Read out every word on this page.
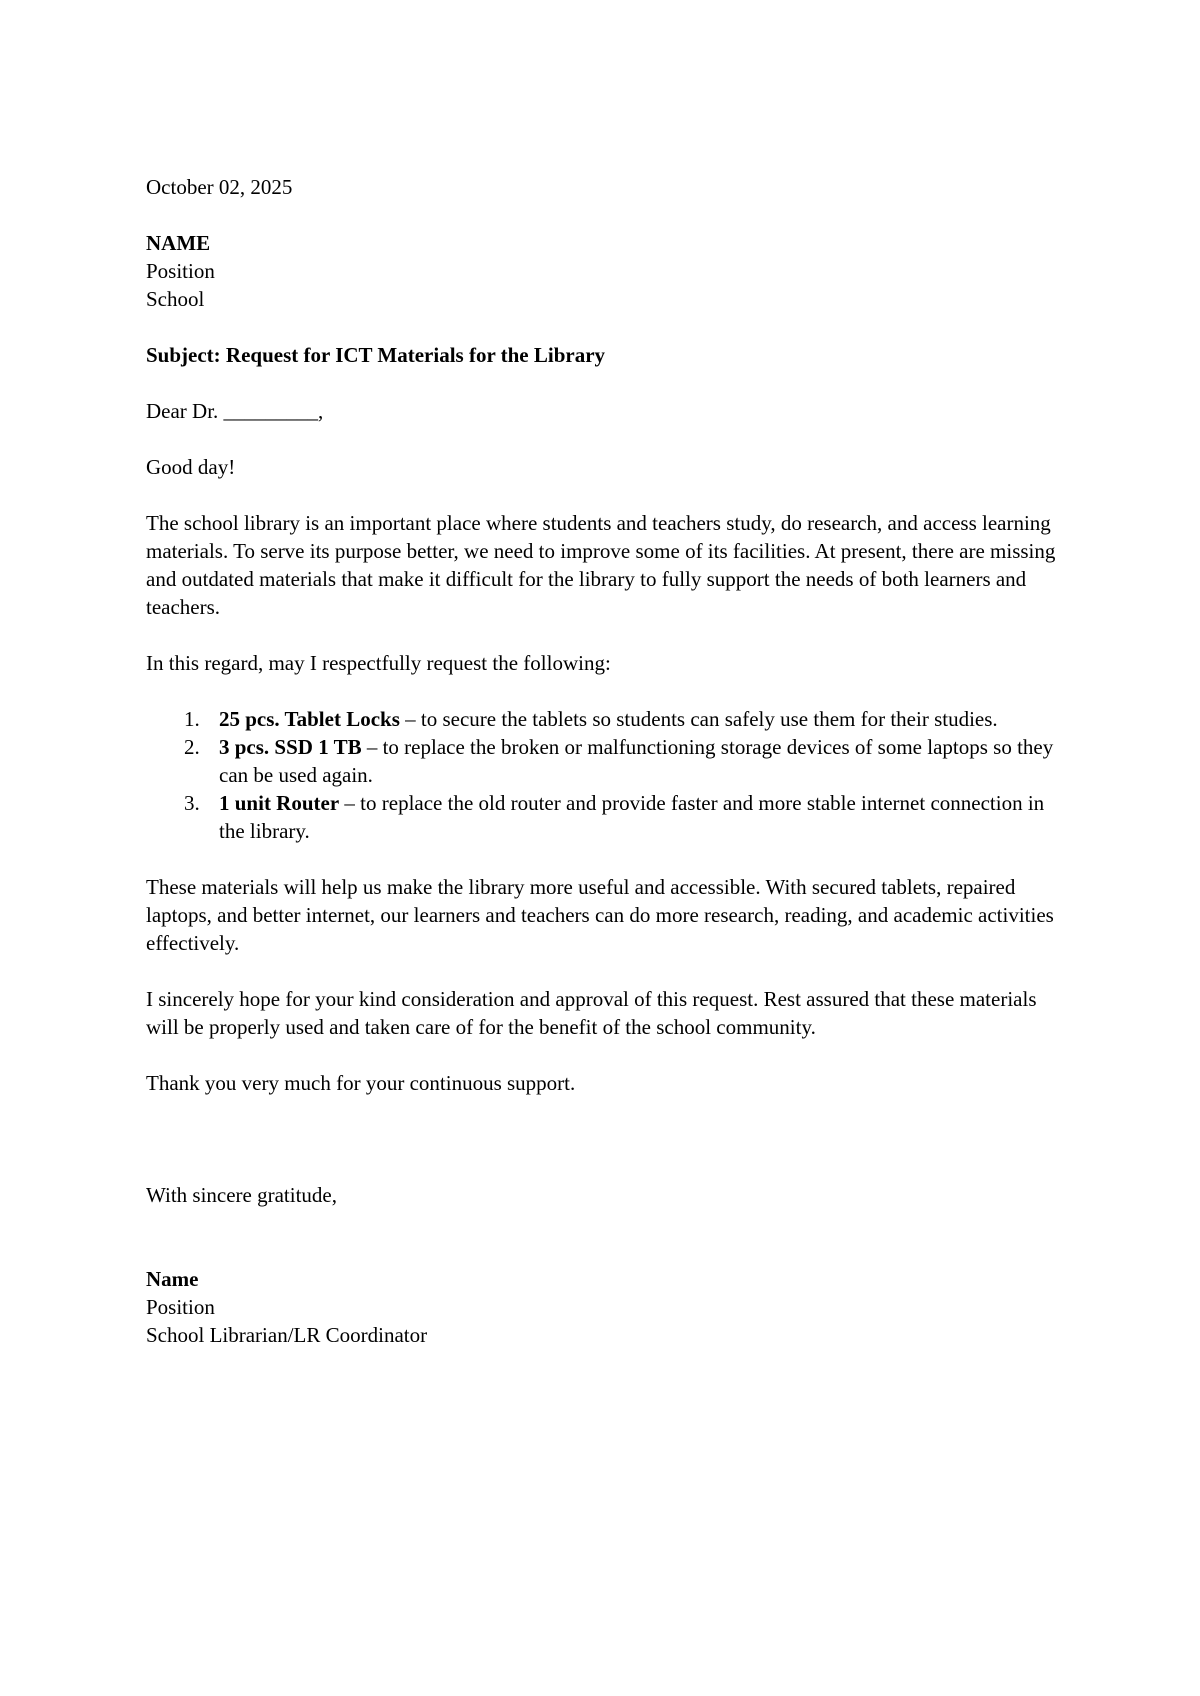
October 02, 2025

NAME

Position

School

Subject: Request for ICT Materials for the Library

Dear Dr. _________,

Good day!

The school library is an important place where students and teachers study, do research, and access learning materials. To serve its purpose better, we need to improve some of its facilities. At present, there are missing and outdated materials that make it difficult for the library to fully support the needs of both learners and teachers.

In this regard, may I respectfully request the following:

1. 25 pcs. Tablet Locks – to secure the tablets so students can safely use them for their studies.
2. 3 pcs. SSD 1 TB – to replace the broken or malfunctioning storage devices of some laptops so they can be used again.
3. 1 unit Router – to replace the old router and provide faster and more stable internet connection in the library.

These materials will help us make the library more useful and accessible. With secured tablets, repaired laptops, and better internet, our learners and teachers can do more research, reading, and academic activities effectively.

I sincerely hope for your kind consideration and approval of this request. Rest assured that these materials will be properly used and taken care of for the benefit of the school community.

Thank you very much for your continuous support.

With sincere gratitude,

Name

Position

School Librarian/LR Coordinator
